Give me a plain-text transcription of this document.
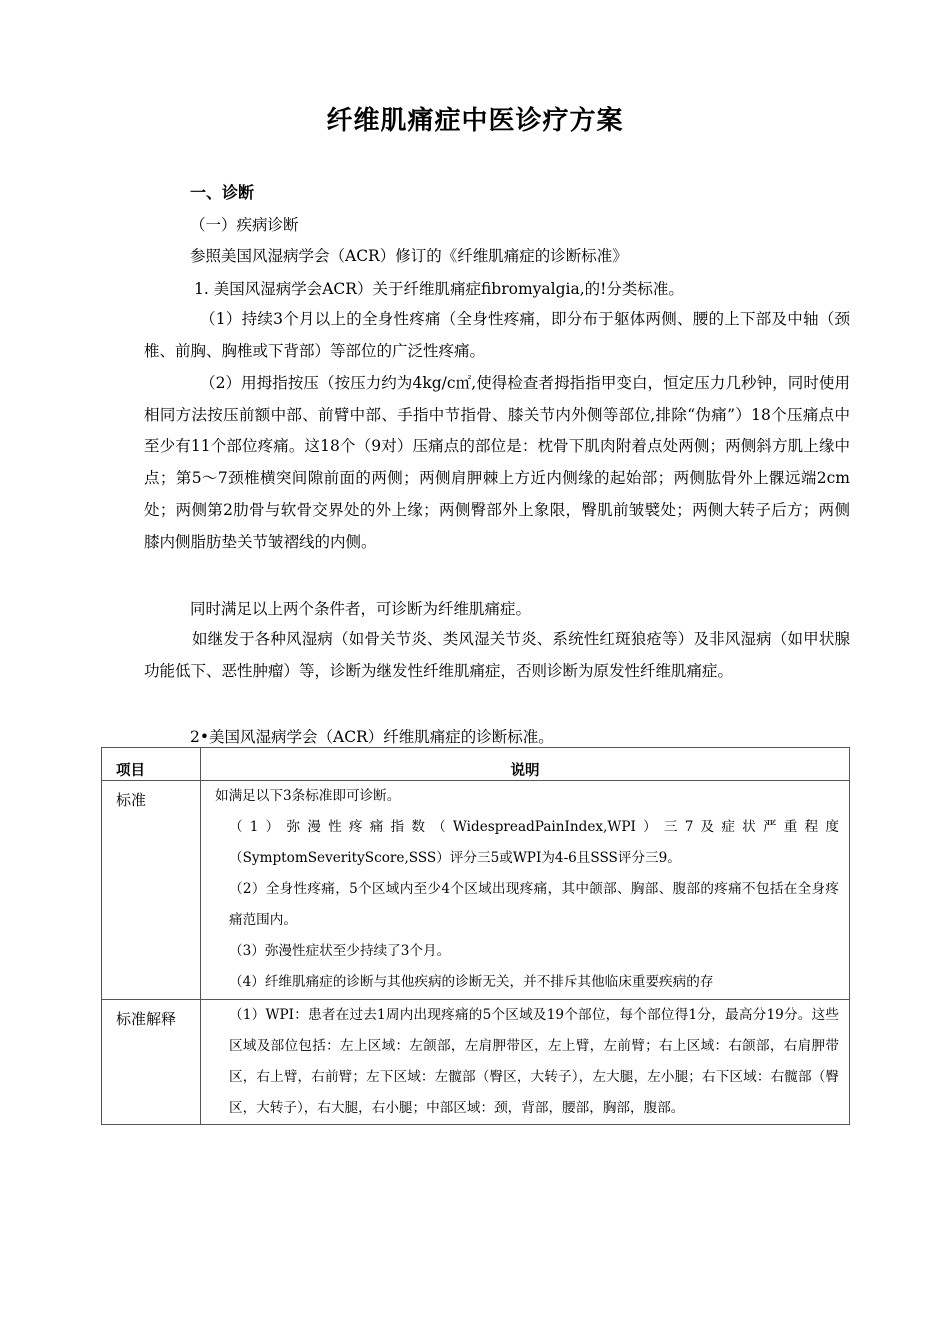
纤维肌痛症中医诊疗方案
一、诊断
（一）疾病诊断
参照美国风湿病学会（ACR）修订的《纤维肌痛症的诊断标准》
1. 美国风湿病学会ACR）关于纤维肌痛症fibromyalgia,的!分类标准。
（1）持续3个月以上的全身性疼痛（全身性疼痛，即分布于躯体两侧、腰的上下部及中轴（颈椎、前胸、胸椎或下背部）等部位的广泛性疼痛。
（2）用拇指按压（按压力约为4kg/c㎡,使得检查者拇指指甲变白，恒定压力几秒钟，同时使用相同方法按压前额中部、前臂中部、手指中节指骨、膝关节内外侧等部位,排除“伪痛”）18个压痛点中至少有11个部位疼痛。这18个（9对）压痛点的部位是：枕骨下肌肉附着点处两侧；两侧斜方肌上缘中点；第5〜7颈椎横突间隙前面的两侧；两侧肩胛棘上方近内侧缘的起始部；两侧肱骨外上髁远端2cm处；两侧第2肋骨与软骨交界处的外上缘；两侧臀部外上象限，臀肌前皱襞处；两侧大转子后方；两侧膝内侧脂肪垫关节皱褶线的内侧。
同时满足以上两个条件者，可诊断为纤维肌痛症。
如继发于各种风湿病（如骨关节炎、类风湿关节炎、系统性红斑狼疮等）及非风湿病（如甲状腺功能低下、恶性肿瘤）等，诊断为继发性纤维肌痛症，否则诊断为原发性纤维肌痛症。
2•美国风湿病学会（ACR）纤维肌痛症的诊断标准。
项目	说明
标准	如满足以下3条标准即可诊断。

（1）弥漫性疼痛指数（WidespreadPainIndex,WPI）三7及症状严重程度（SymptomSeverityScore,SSS）评分三5或WPI为4-6且SSS评分三9。

（2）全身性疼痛，5个区域内至少4个区域出现疼痛，其中颌部、胸部、腹部的疼痛不包括在全身疼痛范围内。

（3）弥漫性症状至少持续了3个月。

（4）纤维肌痛症的诊断与其他疾病的诊断无关，并不排斥其他临床重要疾病的存

标准解释	（1）WPI：患者在过去1周内出现疼痛的5个区域及19个部位，每个部位得1分，最高分19分。这些区域及部位包括：左上区域：左颌部，左肩胛带区，左上臂，左前臂；右上区域：右颌部，右肩胛带区，右上臂，右前臂；左下区域：左髋部（臀区，大转子），左大腿，左小腿；右下区域：右髋部（臀区，大转子），右大腿，右小腿；中部区域：颈，背部，腰部，胸部，腹部。
